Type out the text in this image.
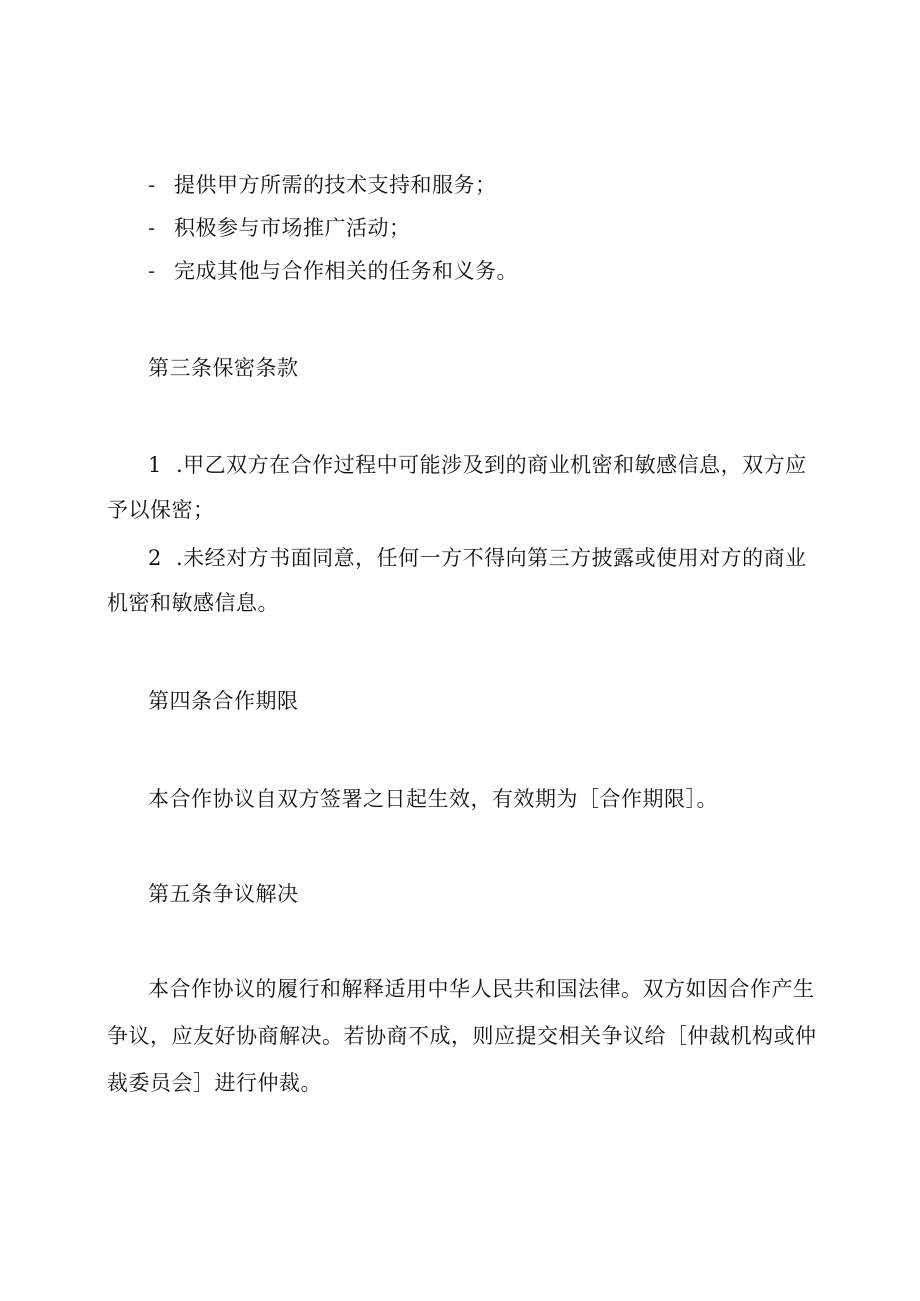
- 提供甲方所需的技术支持和服务；
- 积极参与市场推广活动；
- 完成其他与合作相关的任务和义务。
第三条保密条款
1 .甲乙双方在合作过程中可能涉及到的商业机密和敏感信息，双方应
予以保密；
2 .未经对方书面同意，任何一方不得向第三方披露或使用对方的商业
机密和敏感信息。
第四条合作期限
本合作协议自双方签署之日起生效，有效期为［合作期限］。
第五条争议解决
本合作协议的履行和解释适用中华人民共和国法律。双方如因合作产生
争议，应友好协商解决。若协商不成，则应提交相关争议给［仲裁机构或仲
裁委员会］进行仲裁。
